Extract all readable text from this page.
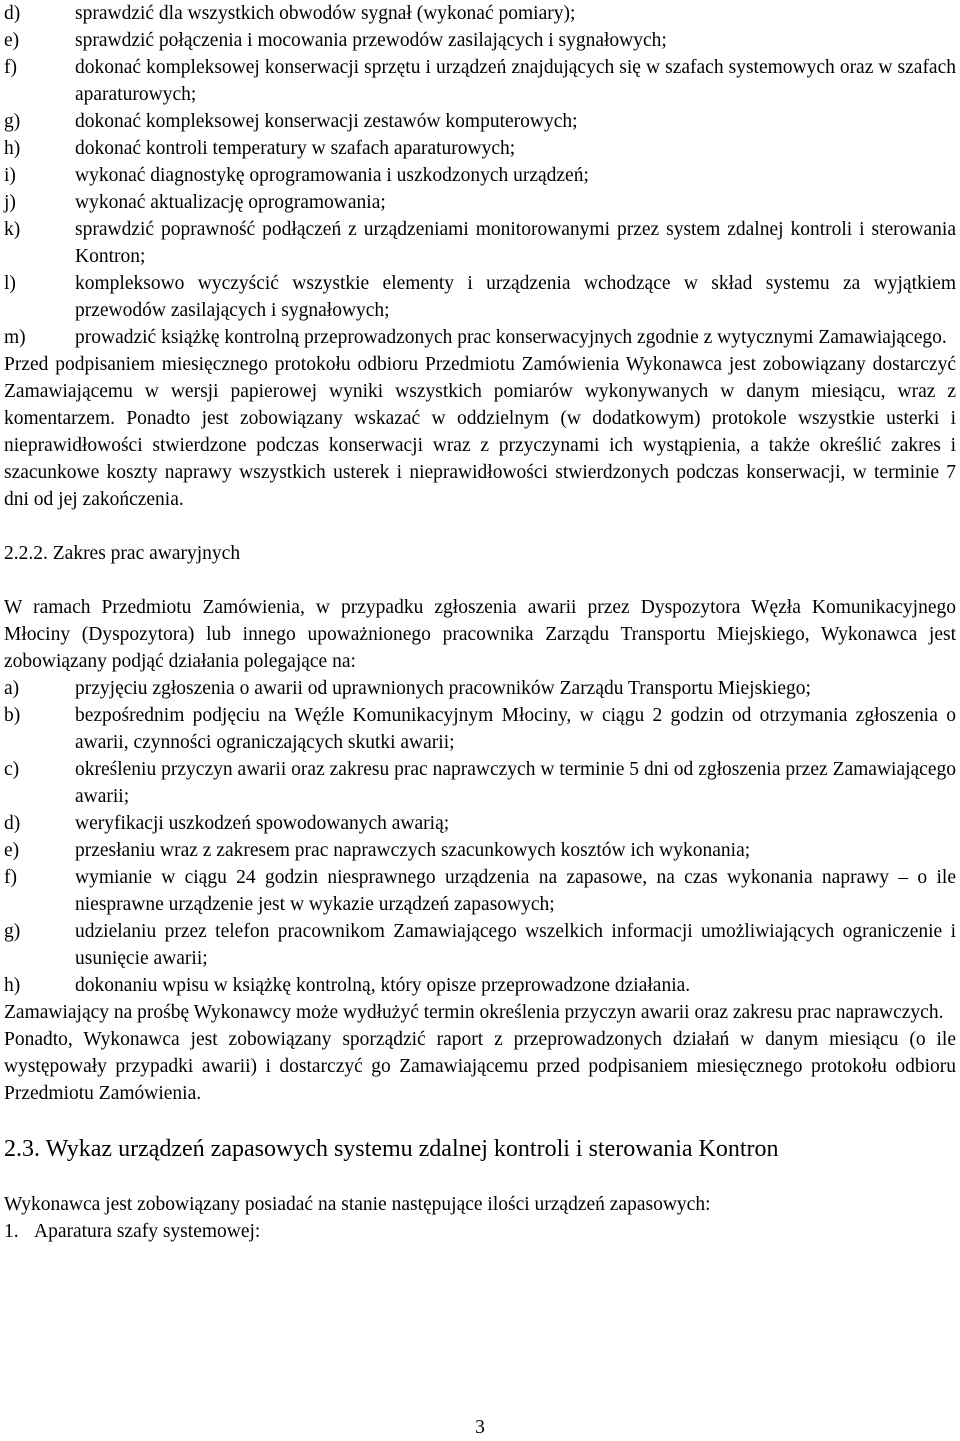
d)	sprawdzić dla wszystkich obwodów sygnał (wykonać pomiary);
e)	sprawdzić połączenia i mocowania przewodów zasilających i sygnałowych;
f)	dokonać kompleksowej konserwacji sprzętu i urządzeń znajdujących się w szafach systemowych oraz w szafach aparaturowych;
g)	dokonać kompleksowej konserwacji zestawów komputerowych;
h)	dokonać kontroli temperatury w szafach aparaturowych;
i)	wykonać diagnostykę oprogramowania i uszkodzonych urządzeń;
j)	wykonać aktualizację oprogramowania;
k)	sprawdzić poprawność podłączeń z urządzeniami monitorowanymi przez system zdalnej kontroli i sterowania Kontron;
l)	kompleksowo wyczyścić wszystkie elementy i urządzenia wchodzące w skład systemu za wyjątkiem przewodów zasilających i sygnałowych;
m)	prowadzić książkę kontrolną przeprowadzonych prac konserwacyjnych zgodnie z wytycznymi Zamawiającego.

Przed podpisaniem miesięcznego protokołu odbioru Przedmiotu Zamówienia Wykonawca jest zobowiązany dostarczyć Zamawiającemu w wersji papierowej wyniki wszystkich pomiarów wykonywanych w danym miesiącu, wraz z komentarzem. Ponadto jest zobowiązany wskazać w oddzielnym (w dodatkowym) protokole wszystkie usterki i nieprawidłowości stwierdzone podczas konserwacji wraz z przyczynami ich wystąpienia, a także określić zakres i szacunkowe koszty naprawy wszystkich usterek i nieprawidłowości stwierdzonych podczas konserwacji, w terminie 7 dni od jej zakończenia.

2.2.2. Zakres prac awaryjnych

W ramach Przedmiotu Zamówienia, w przypadku zgłoszenia awarii przez Dyspozytora Węzła Komunikacyjnego Młociny (Dyspozytora) lub innego upoważnionego pracownika Zarządu Transportu Miejskiego, Wykonawca jest zobowiązany podjąć działania polegające na:

a)	przyjęciu zgłoszenia o awarii od uprawnionych pracowników Zarządu Transportu Miejskiego;
b)	bezpośrednim podjęciu na Węźle Komunikacyjnym Młociny, w ciągu 2 godzin od otrzymania zgłoszenia o awarii, czynności ograniczających skutki awarii;
c)	określeniu przyczyn awarii oraz zakresu prac naprawczych w terminie 5 dni od zgłoszenia przez Zamawiającego awarii;
d)	weryfikacji uszkodzeń spowodowanych awarią;
e)	przesłaniu wraz z zakresem prac naprawczych szacunkowych kosztów ich wykonania;
f)	wymianie w ciągu 24 godzin niesprawnego urządzenia na zapasowe, na czas wykonania naprawy – o ile niesprawne urządzenie jest w wykazie urządzeń zapasowych;
g)	udzielaniu przez telefon pracownikom Zamawiającego wszelkich informacji umożliwiających ograniczenie i usunięcie awarii;
h)	dokonaniu wpisu w książkę kontrolną, który opisze przeprowadzone działania.

Zamawiający na prośbę Wykonawcy może wydłużyć termin określenia przyczyn awarii oraz zakresu prac naprawczych.

Ponadto, Wykonawca jest zobowiązany sporządzić raport z przeprowadzonych działań w danym miesiącu (o ile występowały przypadki awarii) i dostarczyć go Zamawiającemu przed podpisaniem miesięcznego protokołu odbioru Przedmiotu Zamówienia.

2.3. Wykaz urządzeń zapasowych systemu zdalnej kontroli i sterowania Kontron

Wykonawca jest zobowiązany posiadać na stanie następujące ilości urządzeń zapasowych:

1. Aparatura szafy systemowej:
3
